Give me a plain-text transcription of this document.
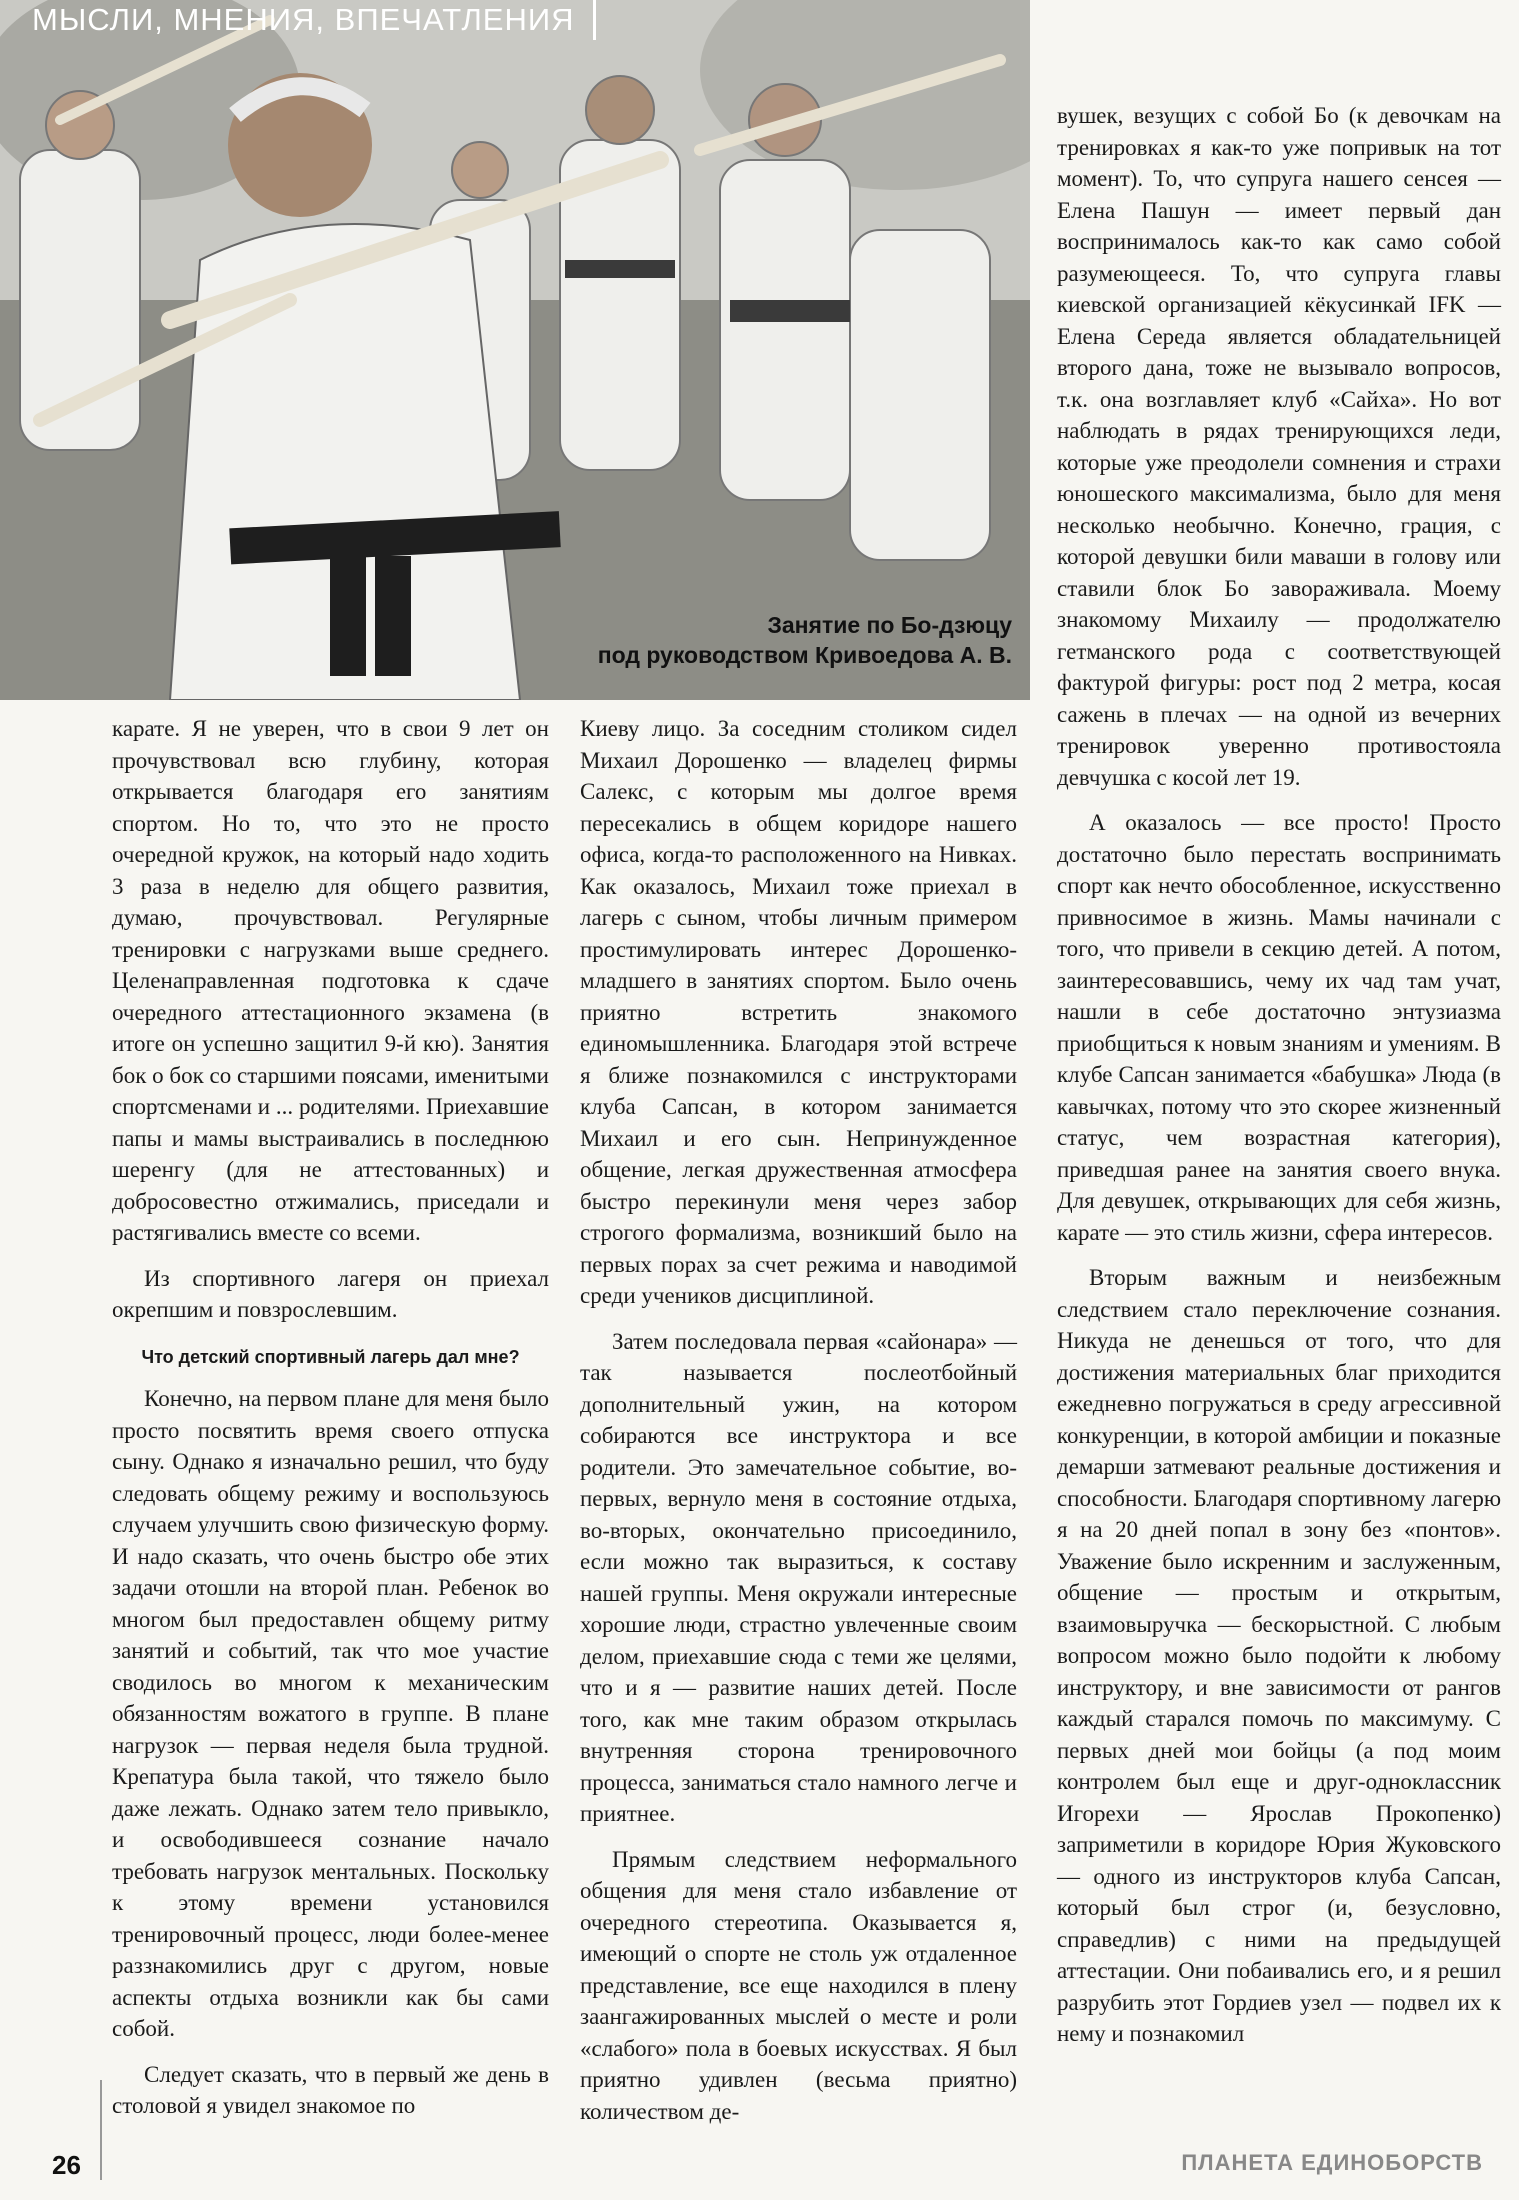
МЫСЛИ, МНЕНИЯ, ВПЕЧАТЛЕНИЯ
Занятие по Бо-дзюцу
под руководством Кривоедова А. В.

карате. Я не уверен, что в свои 9 лет он прочувствовал всю глубину, которая открывается благодаря его занятиям спортом. Но то, что это не просто очередной кружок, на который надо ходить 3 раза в неделю для общего развития, думаю, прочувствовал. Регулярные тренировки с нагрузками выше среднего. Целенаправленная подготовка к сдаче очередного аттестационного экзамена (в итоге он успешно защитил 9-й кю). Занятия бок о бок со старшими поясами, именитыми спортсменами и ... родителями. Приехавшие папы и мамы выстраивались в последнюю шеренгу (для не аттестованных) и добросовестно отжимались, приседали и растягивались вместе со всеми.

Из спортивного лагеря он приехал окрепшим и повзрослевшим.

Что детский спортивный лагерь дал мне?

Конечно, на первом плане для меня было просто посвятить время своего отпуска сыну. Однако я изначально решил, что буду следовать общему режиму и воспользуюсь случаем улучшить свою физическую форму. И надо сказать, что очень быстро обе этих задачи отошли на второй план. Ребенок во многом был предоставлен общему ритму занятий и событий, так что мое участие сводилось во многом к механическим обязанностям вожатого в группе. В плане нагрузок — первая неделя была трудной. Крепатура была такой, что тяжело было даже лежать. Однако затем тело привыкло, и освободившееся сознание начало требовать нагрузок ментальных. Поскольку к этому времени установился тренировочный процесс, люди более-менее раззнакомились друг с другом, новые аспекты отдыха возникли как бы сами собой.

Следует сказать, что в первый же день в столовой я увидел знакомое по

Киеву лицо. За соседним столиком сидел Михаил Дорошенко — владелец фирмы Салекс, с которым мы долгое время пересекались в общем коридоре нашего офиса, когда-то расположенного на Нивках. Как оказалось, Михаил тоже приехал в лагерь с сыном, чтобы личным примером простимулировать интерес Дорошенко-младшего в занятиях спортом. Было очень приятно встретить знакомого единомышленника. Благодаря этой встрече я ближе познакомился с инструкторами клуба Сапсан, в котором занимается Михаил и его сын. Непринужденное общение, легкая дружественная атмосфера быстро перекинули меня через забор строгого формализма, возникший было на первых порах за счет режима и наводимой среди учеников дисциплиной.

Затем последовала первая «сайонара» — так называется послеотбойный дополнительный ужин, на котором собираются все инструктора и все родители. Это замечательное событие, во-первых, вернуло меня в состояние отдыха, во-вторых, окончательно присоединило, если можно так выразиться, к составу нашей группы. Меня окружали интересные хорошие люди, страстно увлеченные своим делом, приехавшие сюда с теми же целями, что и я — развитие наших детей. После того, как мне таким образом открылась внутренняя сторона тренировочного процесса, заниматься стало намного легче и приятнее.

Прямым следствием неформального общения для меня стало избавление от очередного стереотипа. Оказывается я, имеющий о спорте не столь уж отдаленное представление, все еще находился в плену заангажированных мыслей о месте и роли «слабого» пола в боевых искусствах. Я был приятно удивлен (весьма приятно) количеством де-

вушек, везущих с собой Бо (к девочкам на тренировках я как-то уже попривык на тот момент). То, что супруга нашего сенсея — Елена Пашун — имеет первый дан воспринималось как-то как само собой разумеющееся. То, что супруга главы киевской организацией кёкусинкай IFK — Елена Середа является обладательницей второго дана, тоже не вызывало вопросов, т.к. она возглавляет клуб «Сайха». Но вот наблюдать в рядах тренирующихся леди, которые уже преодолели сомнения и страхи юношеского максимализма, было для меня несколько необычно. Конечно, грация, с которой девушки били маваши в голову или ставили блок Бо завораживала. Моему знакомому Михаилу — продолжателю гетманского рода с соответствующей фактурой фигуры: рост под 2 метра, косая сажень в плечах — на одной из вечерних тренировок уверенно противостояла девчушка с косой лет 19.

А оказалось — все просто! Просто достаточно было перестать воспринимать спорт как нечто обособленное, искусственно привносимое в жизнь. Мамы начинали с того, что привели в секцию детей. А потом, заинтересовавшись, чему их чад там учат, нашли в себе достаточно энтузиазма приобщиться к новым знаниям и умениям. В клубе Сапсан занимается «бабушка» Люда (в кавычках, потому что это скорее жизненный статус, чем возрастная категория), приведшая ранее на занятия своего внука. Для девушек, открывающих для себя жизнь, карате — это стиль жизни, сфера интересов.

Вторым важным и неизбежным следствием стало переключение сознания. Никуда не денешься от того, что для достижения материальных благ приходится ежедневно погружаться в среду агрессивной конкуренции, в которой амбиции и показные демарши затмевают реальные достижения и способности. Благодаря спортивному лагерю я на 20 дней попал в зону без «понтов». Уважение было искренним и заслуженным, общение — простым и открытым, взаимовыручка — бескорыстной. С любым вопросом можно было подойти к любому инструктору, и вне зависимости от рангов каждый старался помочь по максимуму. С первых дней мои бойцы (а под моим контролем был еще и друг-одноклассник Игорехи — Ярослав Прокопенко) заприметили в коридоре Юрия Жуковского — одного из инструкторов клуба Сапсан, который был строг (и, безусловно, справедлив) с ними на предыдущей аттестации. Они побаивались его, и я решил разрубить этот Гордиев узел — подвел их к нему и познакомил

26	ПЛАНЕТА ЕДИНОБОРСТВ
